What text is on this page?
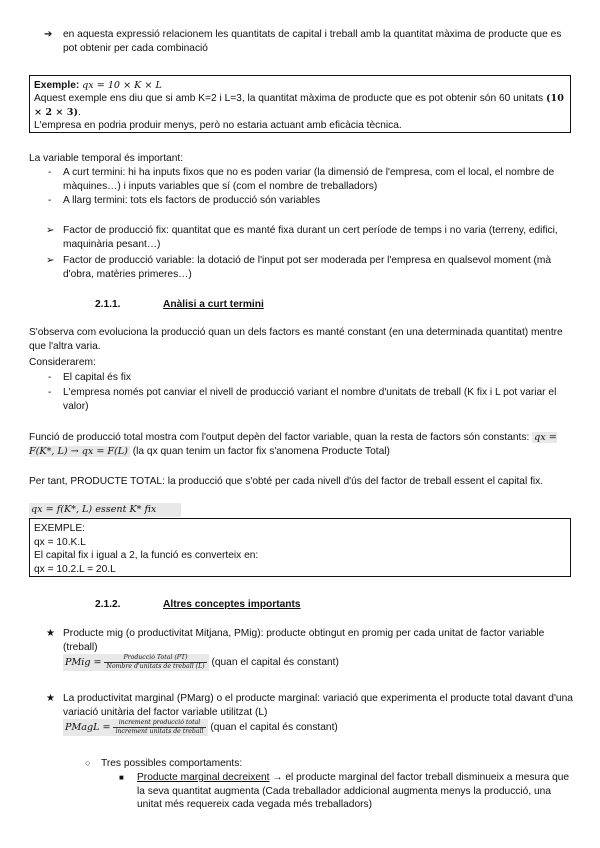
➔ en aquesta expressió relacionem les quantitats de capital i treball amb la quantitat màxima de producte que es pot obtenir per cada combinació
Exemple: qx = 10 × K × L
Aquest exemple ens diu que si amb K=2 i L=3, la quantitat màxima de producte que es pot obtenir són 60 unitats (10 × 2 × 3).
L'empresa en podria produir menys, però no estaria actuant amb eficàcia tècnica.
La variable temporal és important:
- A curt termini: hi ha inputs fixos que no es poden variar (la dimensió de l'empresa, com el local, el nombre de màquines…) i inputs variables que sí (com el nombre de treballadors)
- A llarg termini: tots els factors de producció són variables
➢ Factor de producció fix: quantitat que es manté fixa durant un cert període de temps i no varia (terreny, edifici, maquinària pesant…)
➢ Factor de producció variable: la dotació de l'input pot ser moderada per l'empresa en qualsevol moment (mà d'obra, matèries primeres…)
2.1.1.	Anàlisi a curt termini
S'observa com evoluciona la producció quan un dels factors es manté constant (en una determinada quantitat) mentre que l'altra varia.
Considerarem:
- El capital és fix
- L'empresa només pot canviar el nivell de producció variant el nombre d'unitats de treball (K fix i L pot variar el valor)
Funció de producció total mostra com l'output depèn del factor variable, quan la resta de factors són constants: qx = F(K*, L) → qx = F(L) (la qx quan tenim un factor fix s'anomena Producte Total)
Per tant, PRODUCTE TOTAL: la producció que s'obté per cada nivell d'ús del factor de treball essent el capital fix.
qx = f(K*, L) essent K* fix
EXEMPLE:
qx = 10.K.L
El capital fix i igual a 2, la funció es converteix en:
qx = 10.2.L = 20.L
2.1.2.	Altres conceptes importants
★ Producte mig (o productivitat Mitjana, PMig): producte obtingut en promig per cada unitat de factor variable (treball)
PMig = $\frac{\text{Producció Total (PT)}}{\text{Nombre d'unitats de treball (L)}}$ (quan el capital és constant)
★ La productivitat marginal (PMarg) o el producte marginal: variació que experimenta el producte total davant d'una variació unitària del factor variable utilitzat (L)
PMagL = $\frac{\text{increment producció total}}{\text{increment unitats de treball}}$ (quan el capital és constant)
○ Tres possibles comportaments:
■ Producte marginal decreixent → el producte marginal del factor treball disminueix a mesura que la seva quantitat augmenta (Cada treballador addicional augmenta menys la producció, una unitat més requereix cada vegada més treballadors)
